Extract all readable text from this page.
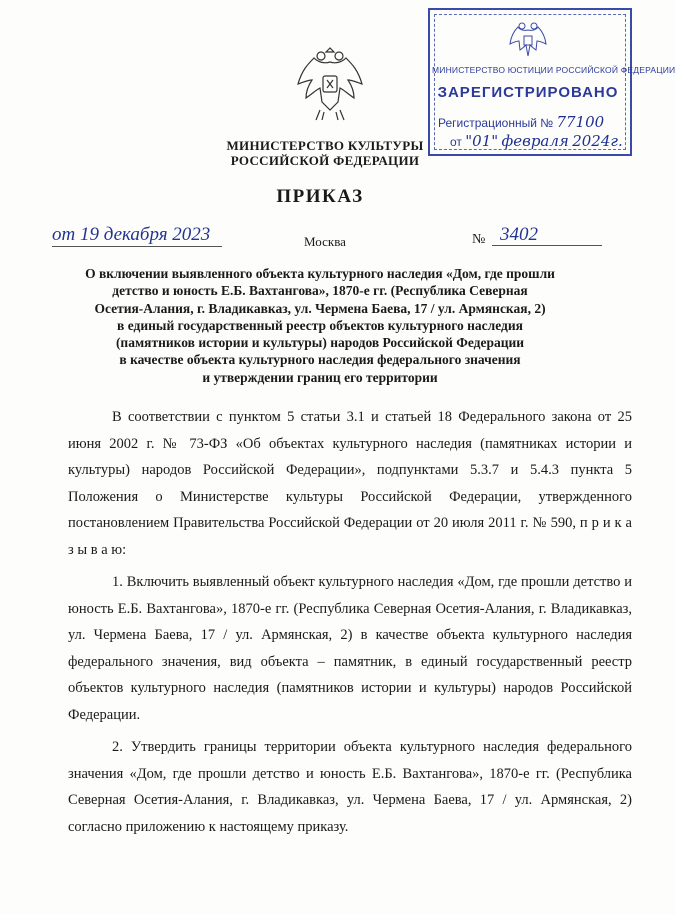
МИНИСТЕРСТВО КУЛЬТУРЫ
РОССИЙСКОЙ ФЕДЕРАЦИИ
МИНИСТЕРСТВО ЮСТИЦИИ РОССИЙСКОЙ ФЕДЕРАЦИИ
ЗАРЕГИСТРИРОВАНО
Регистрационный № 77100
от "01" февраля 2024г.
ПРИКАЗ
от 19 декабря 2023	Москва	№ 3402
О включении выявленного объекта культурного наследия «Дом, где прошли
детство и юность Е.Б. Вахтангова», 1870-е гг. (Республика Северная
Осетия-Алания, г. Владикавказ, ул. Чермена Баева, 17 / ул. Армянская, 2)
в единый государственный реестр объектов культурного наследия
(памятников истории и культуры) народов Российской Федерации
в качестве объекта культурного наследия федерального значения
и утверждении границ его территории

В соответствии с пунктом 5 статьи 3.1 и статьей 18 Федерального закона от 25 июня 2002 г. № 73-ФЗ «Об объектах культурного наследия (памятниках истории и культуры) народов Российской Федерации», подпунктами 5.3.7 и 5.4.3 пункта 5 Положения о Министерстве культуры Российской Федерации, утвержденного постановлением Правительства Российской Федерации от 20 июля 2011 г. № 590, п р и к а з ы в а ю:

1. Включить выявленный объект культурного наследия «Дом, где прошли детство и юность Е.Б. Вахтангова», 1870-е гг. (Республика Северная Осетия-Алания, г. Владикавказ, ул. Чермена Баева, 17 / ул. Армянская, 2) в качестве объекта культурного наследия федерального значения, вид объекта – памятник, в единый государственный реестр объектов культурного наследия (памятников истории и культуры) народов Российской Федерации.

2. Утвердить границы территории объекта культурного наследия федерального значения «Дом, где прошли детство и юность Е.Б. Вахтангова», 1870-е гг. (Республика Северная Осетия-Алания, г. Владикавказ, ул. Чермена Баева, 17 / ул. Армянская, 2) согласно приложению к настоящему приказу.
